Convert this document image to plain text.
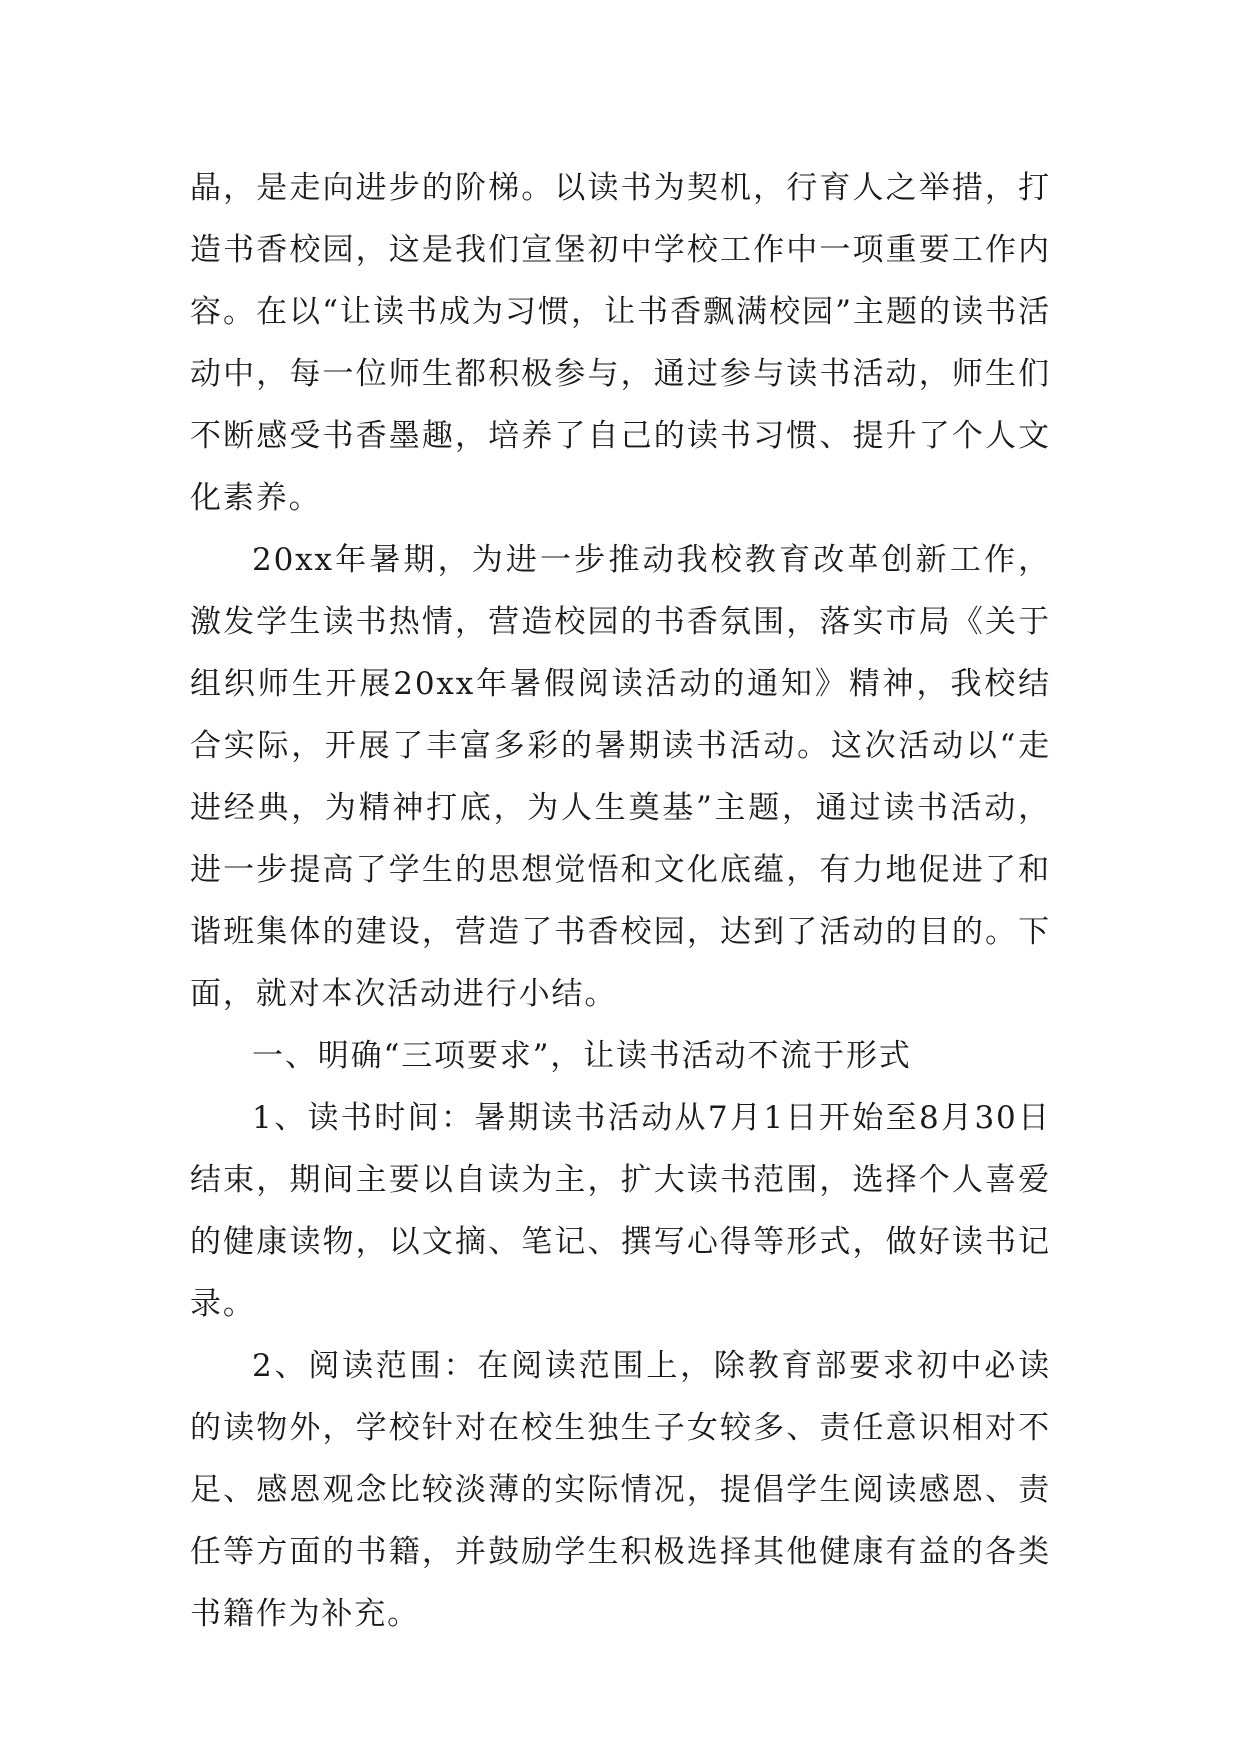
晶，是走向进步的阶梯。以读书为契机，行育人之举措，打造书香校园，这是我们宣堡初中学校工作中一项重要工作内容。在以“让读书成为习惯，让书香飘满校园”主题的读书活动中，每一位师生都积极参与，通过参与读书活动，师生们不断感受书香墨趣，培养了自己的读书习惯、提升了个人文化素养。

20xx年暑期，为进一步推动我校教育改革创新工作，激发学生读书热情，营造校园的书香氛围，落实市局《关于组织师生开展20xx年暑假阅读活动的通知》精神，我校结合实际，开展了丰富多彩的暑期读书活动。这次活动以“走进经典，为精神打底，为人生奠基”主题，通过读书活动，进一步提高了学生的思想觉悟和文化底蕴，有力地促进了和谐班集体的建设，营造了书香校园，达到了活动的目的。下面，就对本次活动进行小结。

一、明确“三项要求”，让读书活动不流于形式

1、读书时间：暑期读书活动从7月1日开始至8月30日结束，期间主要以自读为主，扩大读书范围，选择个人喜爱的健康读物，以文摘、笔记、撰写心得等形式，做好读书记录。

2、阅读范围：在阅读范围上，除教育部要求初中必读的读物外，学校针对在校生独生子女较多、责任意识相对不足、感恩观念比较淡薄的实际情况，提倡学生阅读感恩、责任等方面的书籍，并鼓励学生积极选择其他健康有益的各类书籍作为补充。
